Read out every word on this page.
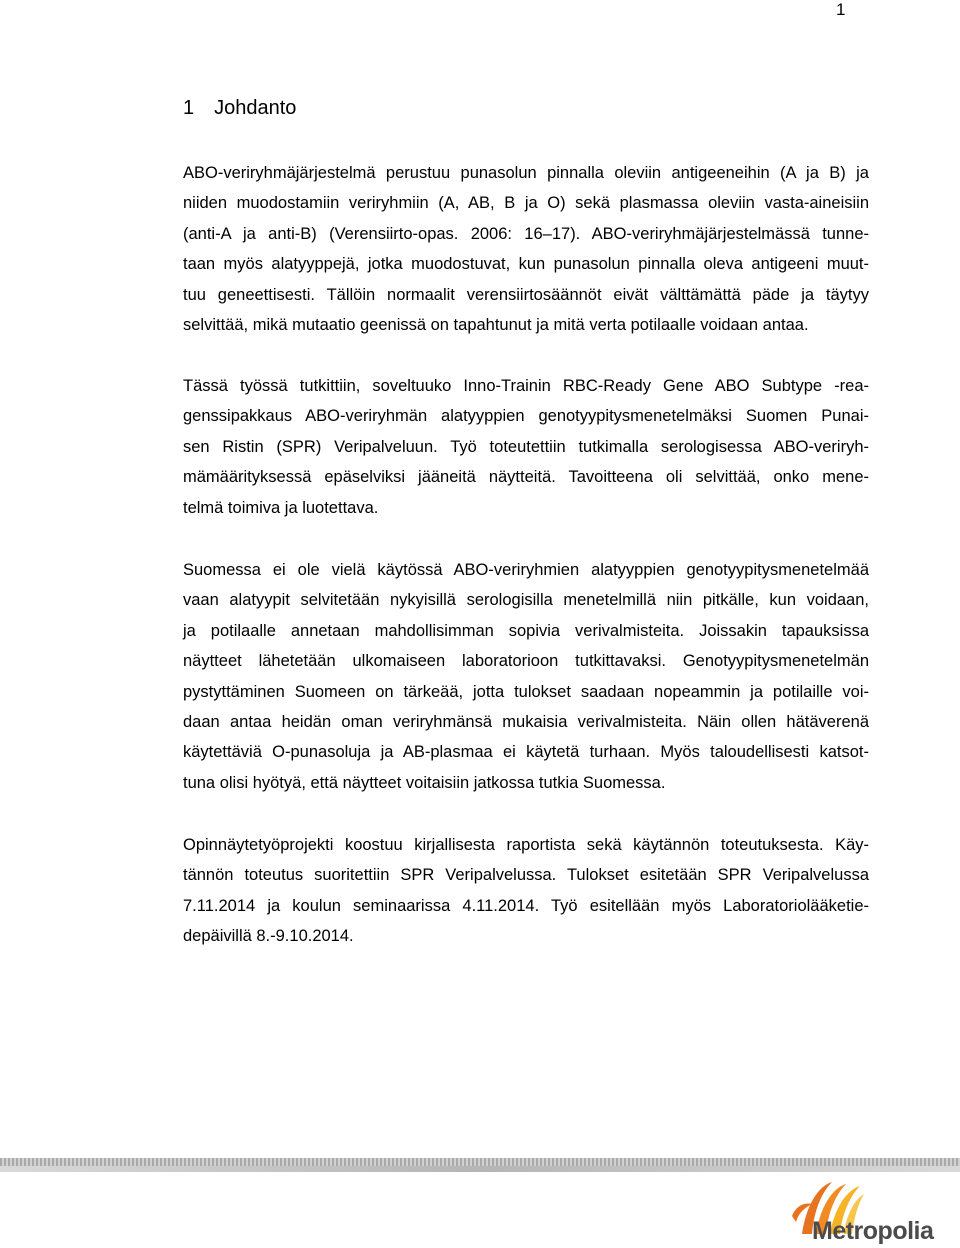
1
1 Johdanto
ABO-veriryhmäjärjestelmä perustuu punasolun pinnalla oleviin antigeeneihin (A ja B) ja
niiden muodostamiin veriryhmiin (A, AB, B ja O) sekä plasmassa oleviin vasta-aineisiin
(anti-A ja anti-B) (Verensiirto-opas. 2006: 16–17). ABO-veriryhmäjärjestelmässä tunne-
taan myös alatyyppejä, jotka muodostuvat, kun punasolun pinnalla oleva antigeeni muut-
tuu geneettisesti. Tällöin normaalit verensiirtosäännöt eivät välttämättä päde ja täytyy
selvittää, mikä mutaatio geenissä on tapahtunut ja mitä verta potilaalle voidaan antaa.
Tässä työssä tutkittiin, soveltuuko Inno-Trainin RBC-Ready Gene ABO Subtype -rea-
genssipakkaus ABO-veriryhmän alatyyppien genotyypitysmenetelmäksi Suomen Punai-
sen Ristin (SPR) Veripalveluun. Työ toteutettiin tutkimalla serologisessa ABO-veriryh-
mämäärityksessä epäselviksi jääneitä näytteitä. Tavoitteena oli selvittää, onko mene-
telmä toimiva ja luotettava.
Suomessa ei ole vielä käytössä ABO-veriryhmien alatyyppien genotyypitysmenetelmää
vaan alatyypit selvitetään nykyisillä serologisilla menetelmillä niin pitkälle, kun voidaan,
ja potilaalle annetaan mahdollisimman sopivia verivalmisteita. Joissakin tapauksissa
näytteet lähetetään ulkomaiseen laboratorioon tutkittavaksi. Genotyypitysmenetelmän
pystyttäminen Suomeen on tärkeää, jotta tulokset saadaan nopeammin ja potilaille voi-
daan antaa heidän oman veriryhmänsä mukaisia verivalmisteita. Näin ollen hätäverenä
käytettäviä O-punasoluja ja AB-plasmaa ei käytetä turhaan. Myös taloudellisesti katsot-
tuna olisi hyötyä, että näytteet voitaisiin jatkossa tutkia Suomessa.
Opinnäytetyöprojekti koostuu kirjallisesta raportista sekä käytännön toteutuksesta. Käy-
tännön toteutus suoritettiin SPR Veripalvelussa. Tulokset esitetään SPR Veripalvelussa
7.11.2014 ja koulun seminaarissa 4.11.2014. Työ esitellään myös Laboratoriolääketie-
depäivillä 8.-9.10.2014.
Metropolia
